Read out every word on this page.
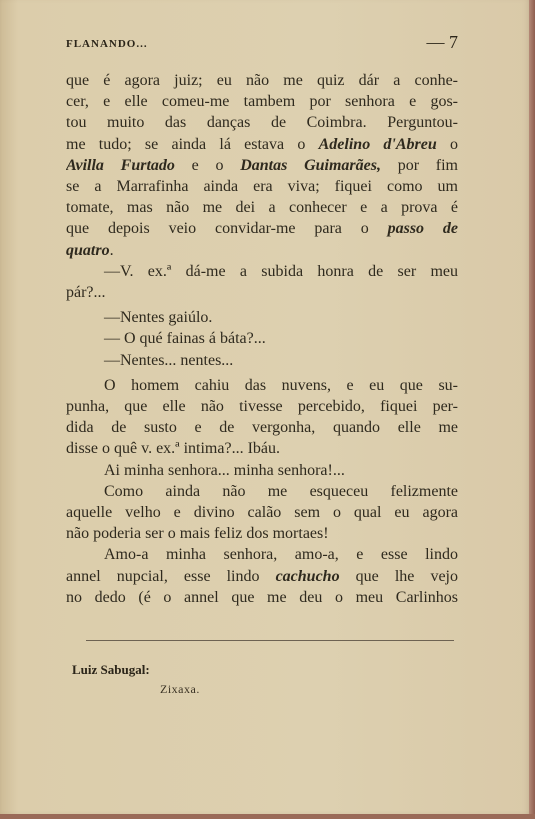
FLANANDO...	— 7
que é agora juiz; eu não me quiz dár a conhe-
cer, e elle comeu-me tambem por senhora e gos-
tou muito das danças de Coimbra. Perguntou-
me tudo; se ainda lá estava o Adelino d'Abreu o
Avilla Furtado e o Dantas Guimarães, por fim
se a Marrafinha ainda era viva; fiquei como um
tomate, mas não me dei a conhecer e a prova é
que depois veio convidar-me para o passo de
quatro.
—V. ex.ª dá-me a subida honra de ser meu
pár?...
—Nentes gaiúlo.
— O qué fainas á báta?...
—Nentes... nentes...
O homem cahiu das nuvens, e eu que su-
punha, que elle não tivesse percebido, fiquei per-
dida de susto e de vergonha, quando elle me
disse o quê v. ex.ª intima?... Ibáu.
Ai minha senhora... minha senhora!...
Como ainda não me esqueceu felizmente
aquelle velho e divino calão sem o qual eu agora
não poderia ser o mais feliz dos mortaes!
Amo-a minha senhora, amo-a, e esse lindo
annel nupcial, esse lindo cachucho que lhe vejo
no dedo (é o annel que me deu o meu Carlinhos
Luiz Sabugal:
Zixaxa.
